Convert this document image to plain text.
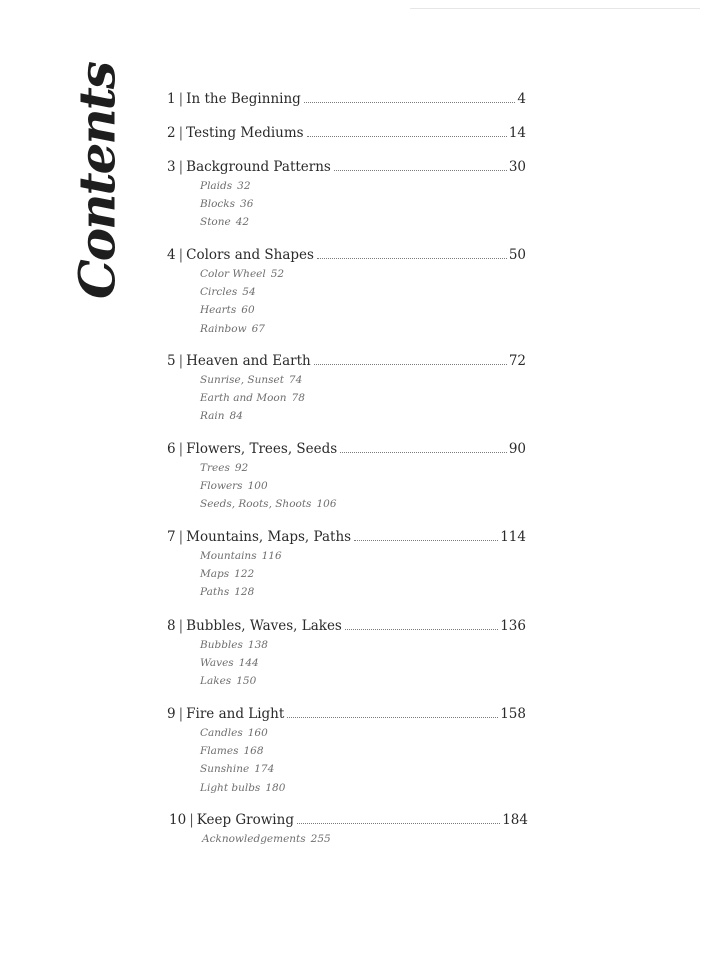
Contents	1 | In the Beginning	4
2 | Testing Mediums	14
3 | Background Patterns	30
Plaids 32
Blocks 36
Stone 42
4 | Colors and Shapes	50
Color Wheel 52
Circles 54
Hearts 60
Rainbow 67
5 | Heaven and Earth	72
Sunrise, Sunset 74
Earth and Moon 78
Rain 84
6 | Flowers, Trees, Seeds	90
Trees 92
Flowers 100
Seeds, Roots, Shoots 106
7 | Mountains, Maps, Paths	114
Mountains 116
Maps 122
Paths 128
8 | Bubbles, Waves, Lakes	136
Bubbles 138
Waves 144
Lakes 150
9 | Fire and Light	158
Candles 160
Flames 168
Sunshine 174
Light bulbs 180
10 | Keep Growing	184
Acknowledgements 255
